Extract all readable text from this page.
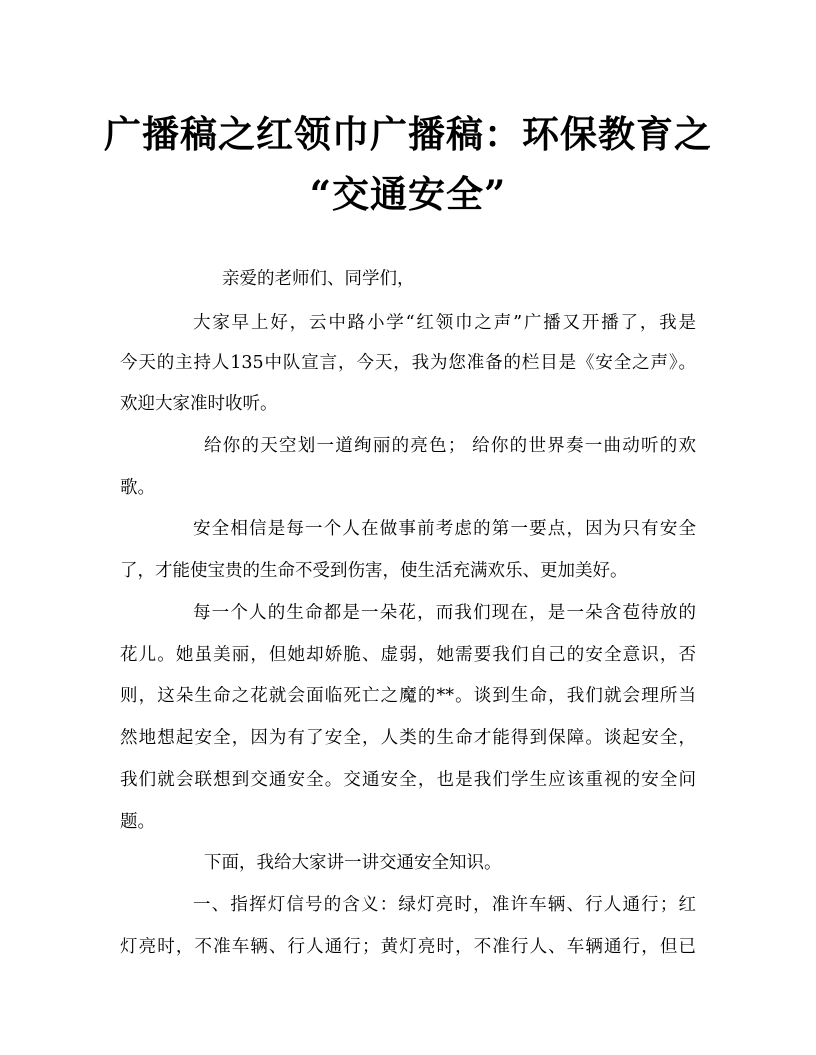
广播稿之红领巾广播稿：环保教育之
“交通安全”
亲爱的老师们、同学们，
大家早上好，云中路小学“红领巾之声”广播又开播了，我是
今天的主持人135中队宣言，今天，我为您准备的栏目是《安全之声》。
欢迎大家准时收听。
给你的天空划一道绚丽的亮色； 给你的世界奏一曲动听的欢
歌。
安全相信是每一个人在做事前考虑的第一要点，因为只有安全
了，才能使宝贵的生命不受到伤害，使生活充满欢乐、更加美好。
每一个人的生命都是一朵花，而我们现在，是一朵含苞待放的
花儿。她虽美丽，但她却娇脆、虚弱，她需要我们自己的安全意识，否
则，这朵生命之花就会面临死亡之魔的**。谈到生命，我们就会理所当
然地想起安全，因为有了安全，人类的生命才能得到保障。谈起安全，
我们就会联想到交通安全。交通安全，也是我们学生应该重视的安全问
题。
下面，我给大家讲一讲交通安全知识。
一、指挥灯信号的含义：绿灯亮时，准许车辆、行人通行；红
灯亮时，不准车辆、行人通行；黄灯亮时，不准行人、车辆通行，但已
